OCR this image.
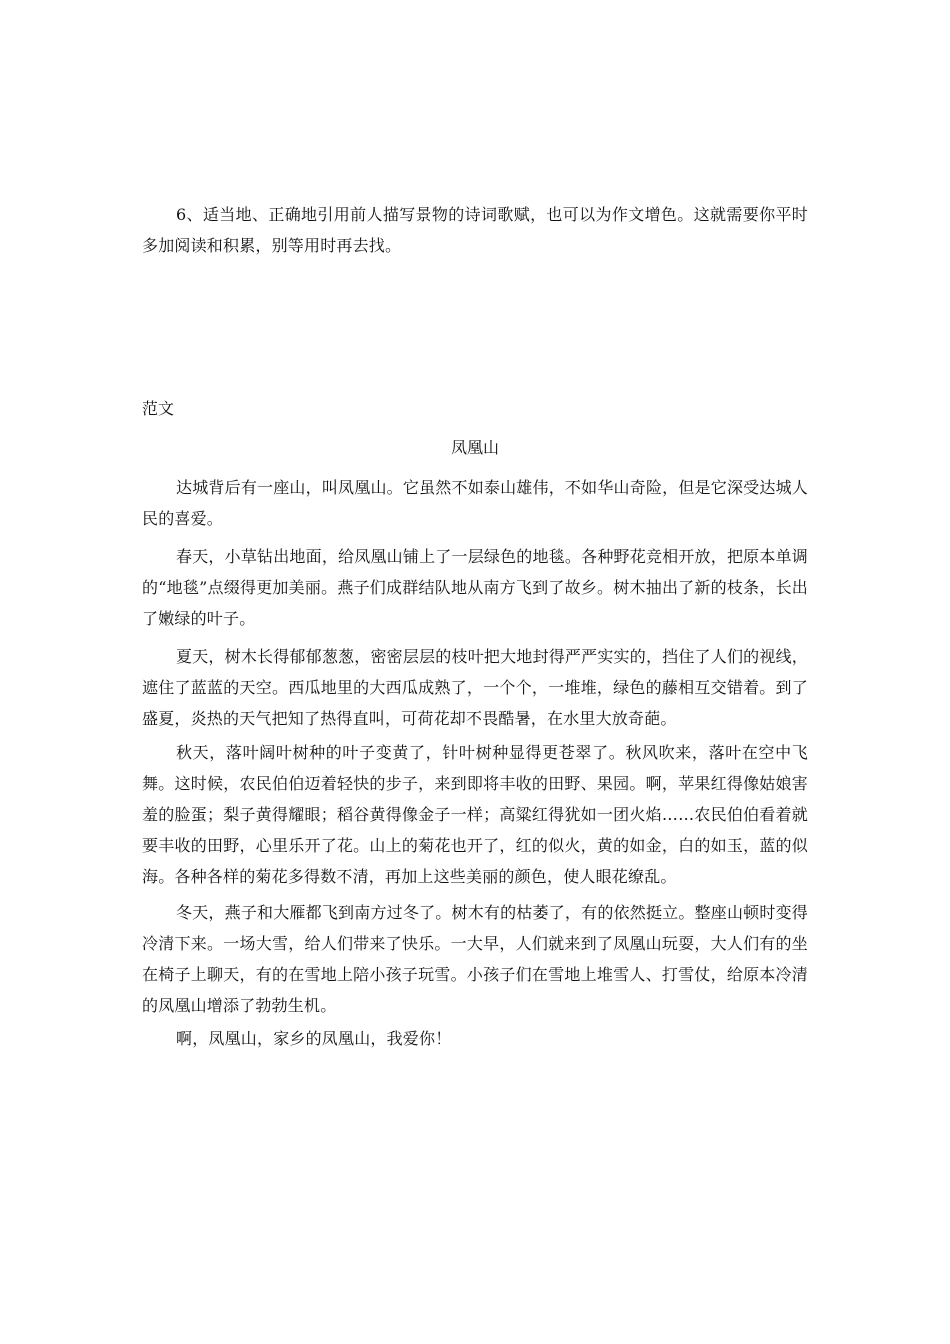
6、适当地、正确地引用前人描写景物的诗词歌赋，也可以为作文增色。这就需要你平时多加阅读和积累，别等用时再去找。

范文

凤凰山

达城背后有一座山，叫凤凰山。它虽然不如泰山雄伟，不如华山奇险，但是它深受达城人民的喜爱。

春天，小草钻出地面，给凤凰山铺上了一层绿色的地毯。各种野花竞相开放，把原本单调的“地毯”点缀得更加美丽。燕子们成群结队地从南方飞到了故乡。树木抽出了新的枝条，长出了嫩绿的叶子。

夏天，树木长得郁郁葱葱，密密层层的枝叶把大地封得严严实实的，挡住了人们的视线，遮住了蓝蓝的天空。西瓜地里的大西瓜成熟了，一个个，一堆堆，绿色的藤相互交错着。到了盛夏，炎热的天气把知了热得直叫，可荷花却不畏酷暑，在水里大放奇葩。

秋天，落叶阔叶树种的叶子变黄了，针叶树种显得更苍翠了。秋风吹来，落叶在空中飞舞。这时候，农民伯伯迈着轻快的步子，来到即将丰收的田野、果园。啊，苹果红得像姑娘害羞的脸蛋；梨子黄得耀眼；稻谷黄得像金子一样；高粱红得犹如一团火焰……农民伯伯看着就要丰收的田野，心里乐开了花。山上的菊花也开了，红的似火，黄的如金，白的如玉，蓝的似海。各种各样的菊花多得数不清，再加上这些美丽的颜色，使人眼花缭乱。

冬天，燕子和大雁都飞到南方过冬了。树木有的枯萎了，有的依然挺立。整座山顿时变得冷清下来。一场大雪，给人们带来了快乐。一大早，人们就来到了凤凰山玩耍，大人们有的坐在椅子上聊天，有的在雪地上陪小孩子玩雪。小孩子们在雪地上堆雪人、打雪仗，给原本冷清的凤凰山增添了勃勃生机。

啊，凤凰山，家乡的凤凰山，我爱你！
